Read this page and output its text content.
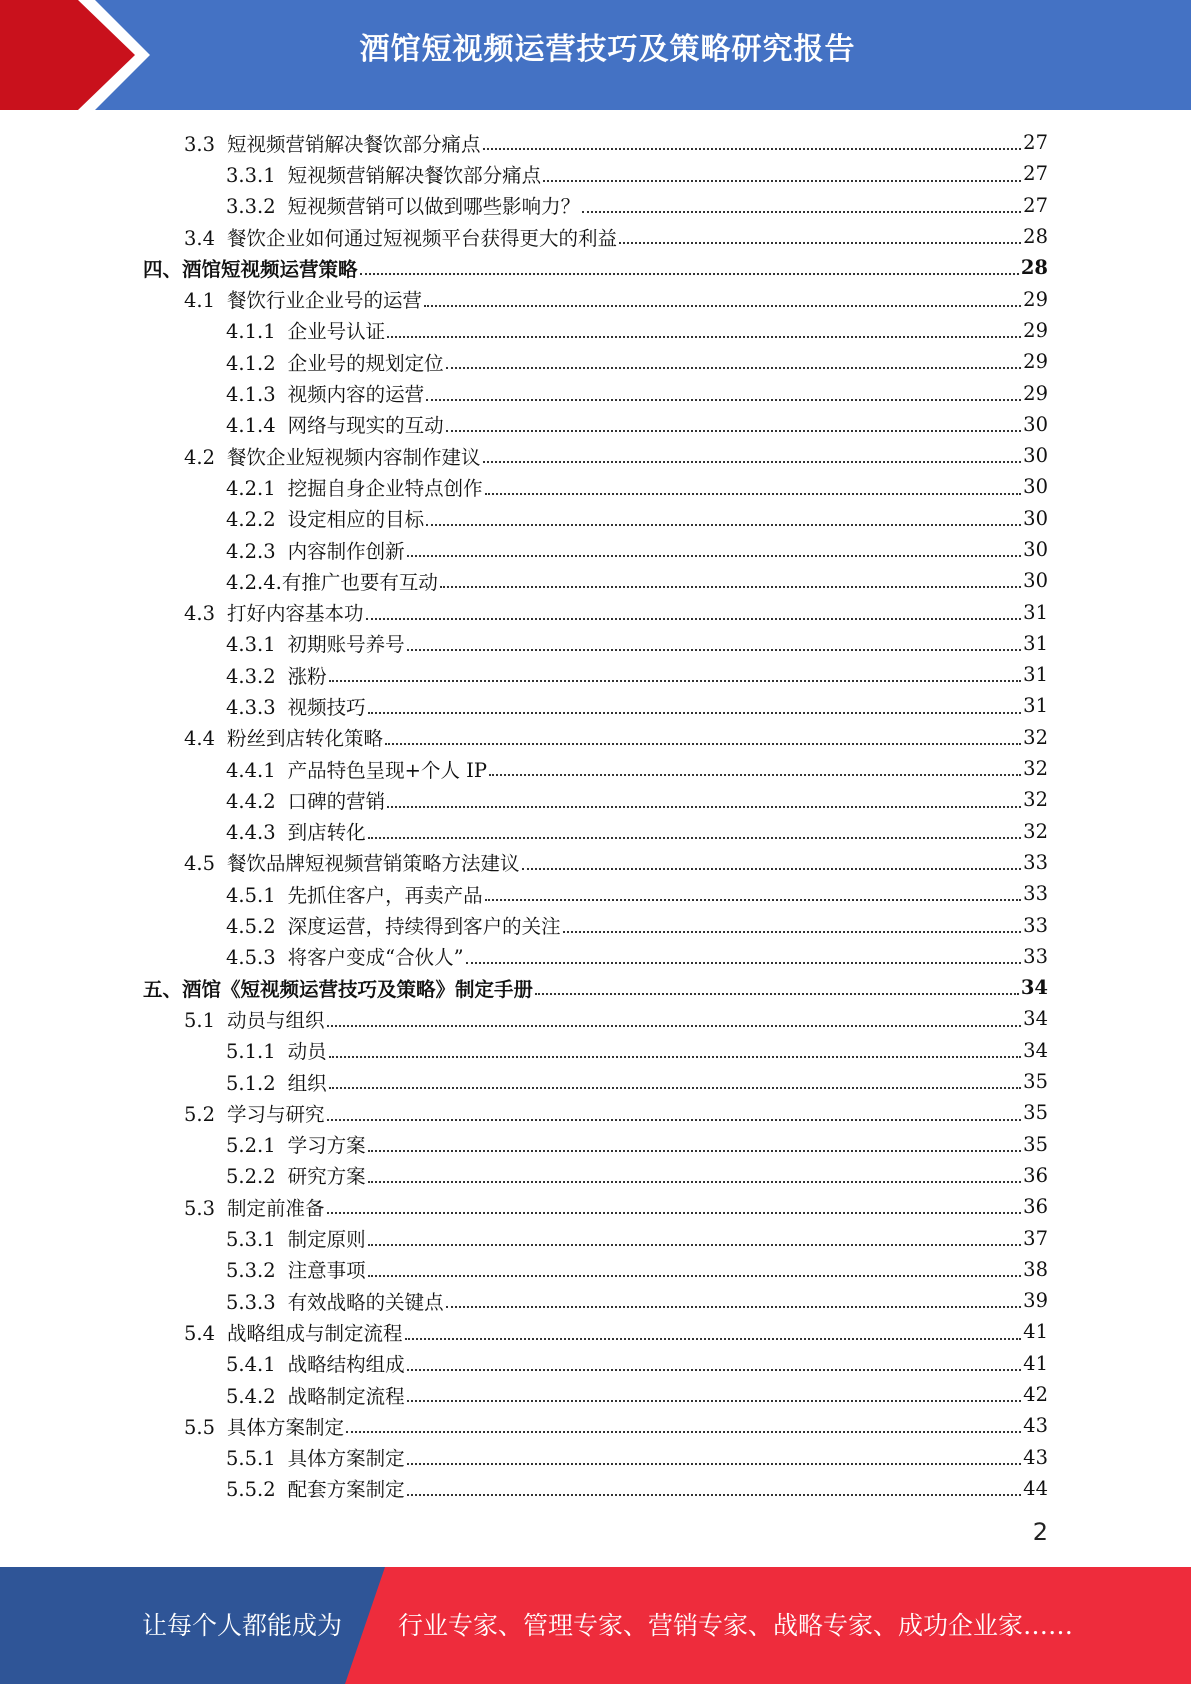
酒馆短视频运营技巧及策略研究报告
3.3 短视频营销解决餐饮部分痛点	27
3.3.1 短视频营销解决餐饮部分痛点	27
3.3.2 短视频营销可以做到哪些影响力？	27
3.4 餐饮企业如何通过短视频平台获得更大的利益	28
四、酒馆短视频运营策略	28
4.1 餐饮行业企业号的运营	29
4.1.1 企业号认证	29
4.1.2 企业号的规划定位	29
4.1.3 视频内容的运营	29
4.1.4 网络与现实的互动	30
4.2 餐饮企业短视频内容制作建议	30
4.2.1 挖掘自身企业特点创作	30
4.2.2 设定相应的目标	30
4.2.3 内容制作创新	30
4.2.4.有推广也要有互动	30
4.3 打好内容基本功	31
4.3.1 初期账号养号	31
4.3.2 涨粉	31
4.3.3 视频技巧	31
4.4 粉丝到店转化策略	32
4.4.1 产品特色呈现+个人 IP	32
4.4.2 口碑的营销	32
4.4.3 到店转化	32
4.5 餐饮品牌短视频营销策略方法建议	33
4.5.1 先抓住客户，再卖产品	33
4.5.2 深度运营，持续得到客户的关注	33
4.5.3 将客户变成“合伙人”	33
五、酒馆《短视频运营技巧及策略》制定手册	34
5.1 动员与组织	34
5.1.1 动员	34
5.1.2 组织	35
5.2 学习与研究	35
5.2.1 学习方案	35
5.2.2 研究方案	36
5.3 制定前准备	36
5.3.1 制定原则	37
5.3.2 注意事项	38
5.3.3 有效战略的关键点	39
5.4 战略组成与制定流程	41
5.4.1 战略结构组成	41
5.4.2 战略制定流程	42
5.5 具体方案制定	43
5.5.1 具体方案制定	43
5.5.2 配套方案制定	44
2
让每个人都能成为 行业专家、管理专家、营销专家、战略专家、成功企业家……
